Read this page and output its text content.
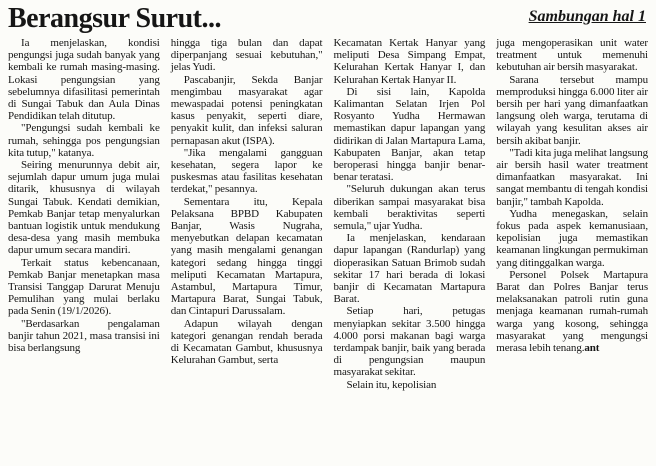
Berangsur Surut...	Sambungan hal 1

Ia menjelaskan, kondisi pengungsi juga sudah banyak yang kembali ke rumah masing-masing. Lokasi pengungsian yang sebelumnya difasilitasi pemerintah di Sungai Tabuk dan Aula Dinas Pendidikan telah ditutup.

"Pengungsi sudah kembali ke rumah, sehingga pos pengungsian kita tutup," katanya.

Seiring menurunnya debit air, sejumlah dapur umum juga mulai ditarik, khususnya di wilayah Sungai Tabuk. Kendati demikian, Pemkab Banjar tetap menyalurkan bantuan logistik untuk mendukung desa-desa yang masih membuka dapur umum secara mandiri.

Terkait status kebencanaan, Pemkab Banjar menetapkan masa Transisi Tanggap Darurat Menuju Pemulihan yang mulai berlaku pada Senin (19/1/2026).

"Berdasarkan pengalaman banjir tahun 2021, masa transisi ini bisa berlangsung

hingga tiga bulan dan dapat diperpanjang sesuai kebutuhan," jelas Yudi.

Pascabanjir, Sekda Banjar mengimbau masyarakat agar mewaspadai potensi peningkatan kasus penyakit, seperti diare, penyakit kulit, dan infeksi saluran pernapasan akut (ISPA).

"Jika mengalami gangguan kesehatan, segera lapor ke puskesmas atau fasilitas kesehatan terdekat," pesannya.

Sementara itu, Kepala Pelaksana BPBD Kabupaten Banjar, Wasis Nugraha, menyebutkan delapan kecamatan yang masih mengalami genangan kategori sedang hingga tinggi meliputi Kecamatan Martapura, Astambul, Martapura Timur, Martapura Barat, Sungai Tabuk, dan Cintapuri Darussalam.

Adapun wilayah dengan kategori genangan rendah berada di Kecamatan Gambut, khususnya Kelurahan Gambut, serta

Kecamatan Kertak Hanyar yang meliputi Desa Simpang Empat, Kelurahan Kertak Hanyar I, dan Kelurahan Kertak Hanyar II.

Di sisi lain, Kapolda Kalimantan Selatan Irjen Pol Rosyanto Yudha Hermawan memastikan dapur lapangan yang didirikan di Jalan Martapura Lama, Kabupaten Banjar, akan tetap beroperasi hingga banjir benar-benar teratasi.

"Seluruh dukungan akan terus diberikan sampai masyarakat bisa kembali beraktivitas seperti semula," ujar Yudha.

Ia menjelaskan, kendaraan dapur lapangan (Randurlap) yang dioperasikan Satuan Brimob sudah sekitar 17 hari berada di lokasi banjir di Kecamatan Martapura Barat.

Setiap hari, petugas menyiapkan sekitar 3.500 hingga 4.000 porsi makanan bagi warga terdampak banjir, baik yang berada di pengungsian maupun masyarakat sekitar.

Selain itu, kepolisian

juga mengoperasikan unit water treatment untuk memenuhi kebutuhan air bersih masyarakat.

Sarana tersebut mampu memproduksi hingga 6.000 liter air bersih per hari yang dimanfaatkan langsung oleh warga, terutama di wilayah yang kesulitan akses air bersih akibat banjir.

"Tadi kita juga melihat langsung air bersih hasil water treatment dimanfaatkan masyarakat. Ini sangat membantu di tengah kondisi banjir," tambah Kapolda.

Yudha menegaskan, selain fokus pada aspek kemanusiaan, kepolisian juga memastikan keamanan lingkungan permukiman yang ditinggalkan warga.

Personel Polsek Martapura Barat dan Polres Banjar terus melaksanakan patroli rutin guna menjaga keamanan rumah-rumah warga yang kosong, sehingga masyarakat yang mengungsi merasa lebih tenang.ant
